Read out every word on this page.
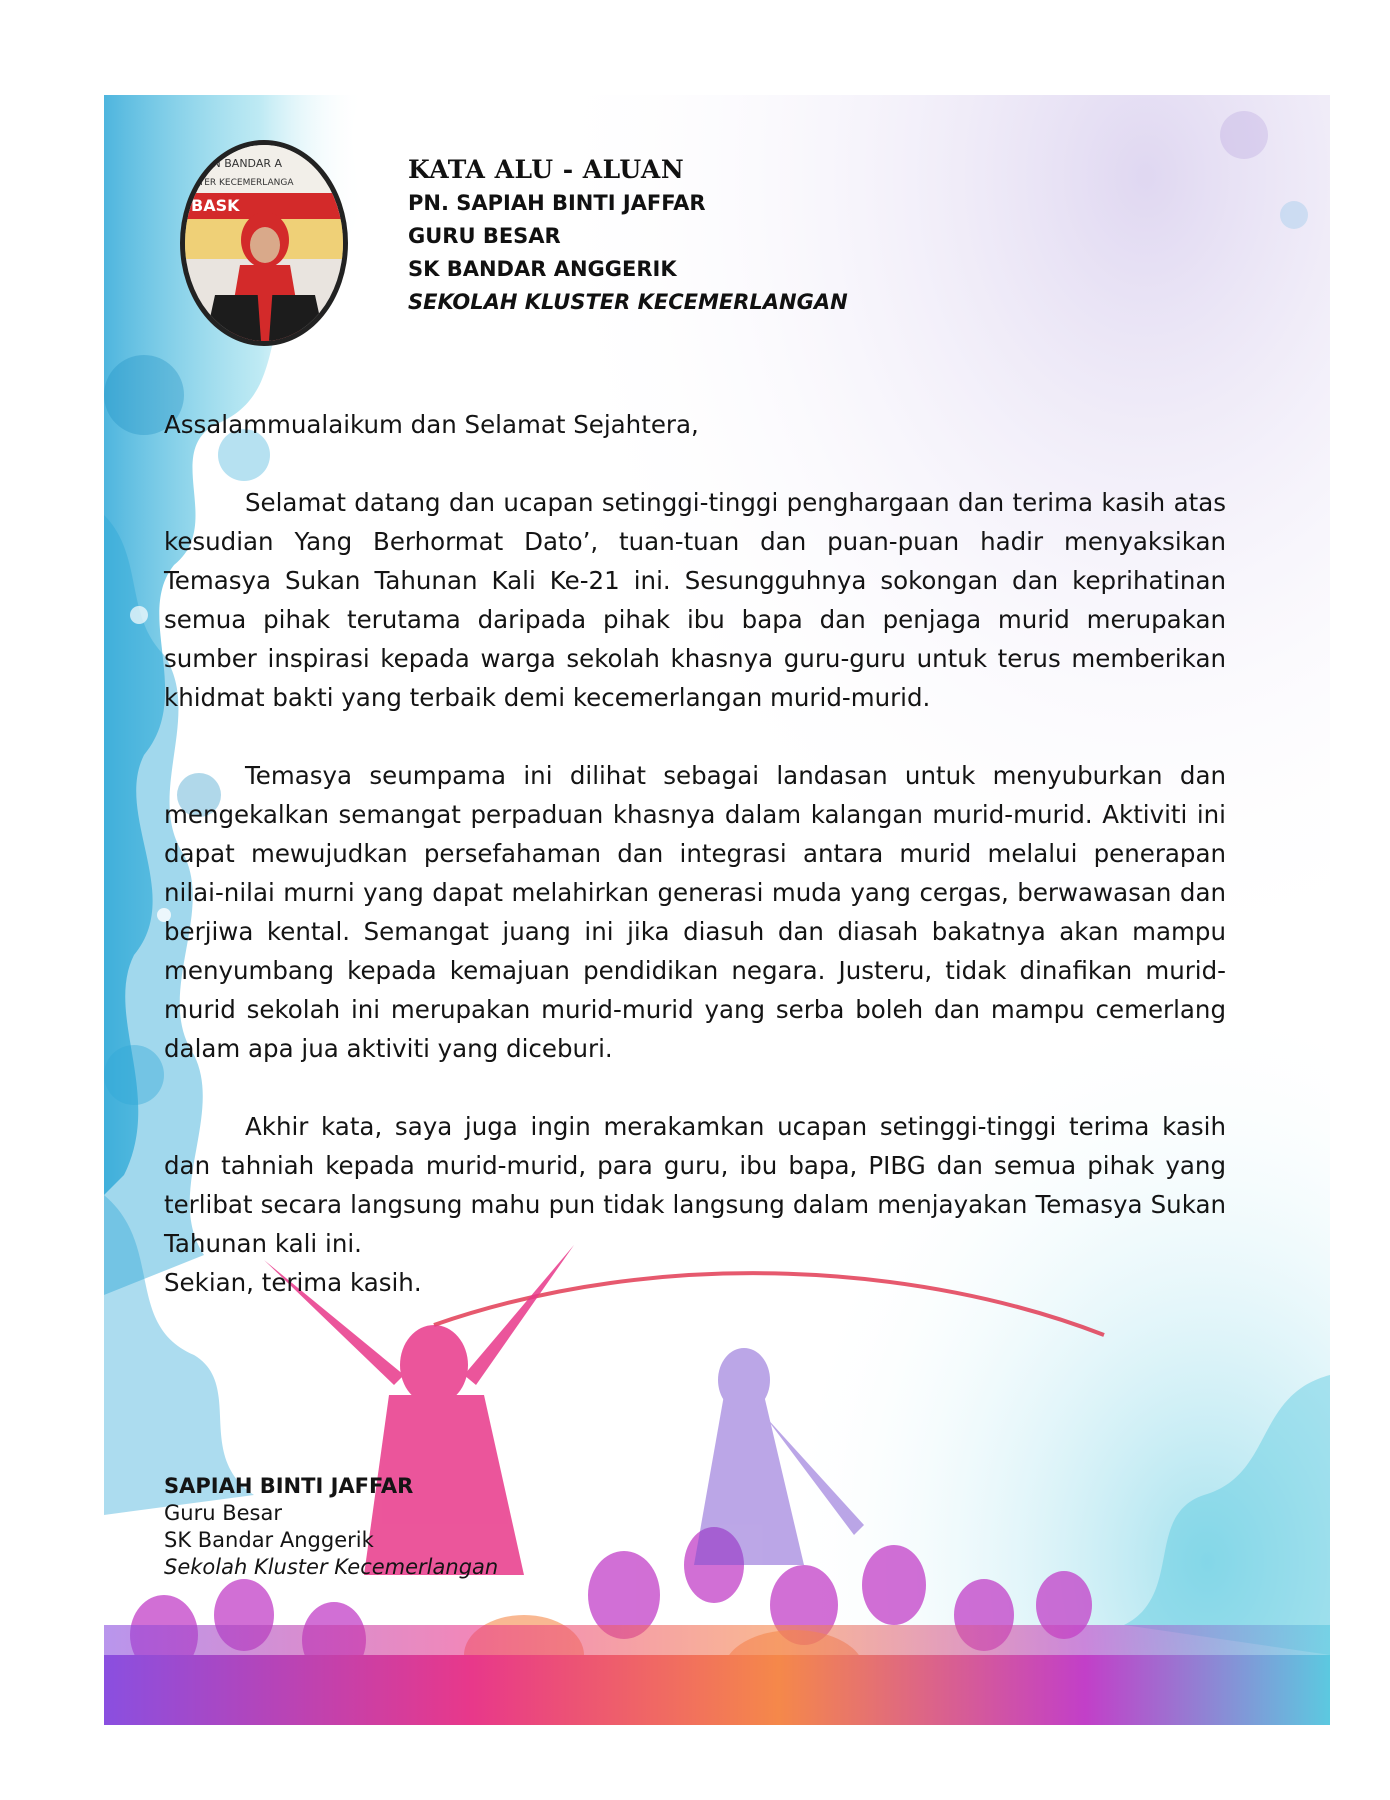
AN BANDAR A
STER KECEMERLANGA
BASK
KATA ALU - ALUAN
PN. SAPIAH BINTI JAFFAR
GURU BESAR
SK BANDAR ANGGERIK
SEKOLAH KLUSTER KECEMERLANGAN

Assalammualaikum dan Selamat Sejahtera,

Selamat datang dan ucapan setinggi-tinggi penghargaan dan terima kasih atas kesudian Yang Berhormat Dato’, tuan-tuan dan puan-puan hadir menyaksikan Temasya Sukan Tahunan Kali Ke-21 ini. Sesungguhnya sokongan dan keprihatinan semua pihak terutama daripada pihak ibu bapa dan penjaga murid merupakan sumber inspirasi kepada warga sekolah khasnya guru-guru untuk terus memberikan khidmat bakti yang terbaik demi kecemerlangan murid-murid.

Temasya seumpama ini dilihat sebagai landasan untuk menyuburkan dan mengekalkan semangat perpaduan khasnya dalam kalangan murid-murid. Aktiviti ini dapat mewujudkan persefahaman dan integrasi antara murid melalui penerapan nilai-nilai murni yang dapat melahirkan generasi muda yang cergas, berwawasan dan berjiwa kental. Semangat juang ini jika diasuh dan diasah bakatnya akan mampu menyumbang kepada kemajuan pendidikan negara. Justeru, tidak dinafikan murid-murid sekolah ini merupakan murid-murid yang serba boleh dan mampu cemerlang dalam apa jua aktiviti yang diceburi.

Akhir kata, saya juga ingin merakamkan ucapan setinggi-tinggi terima kasih dan tahniah kepada murid-murid, para guru, ibu bapa, PIBG dan semua pihak yang terlibat secara langsung mahu pun tidak langsung dalam menjayakan Temasya Sukan Tahunan kali ini.

Sekian, terima kasih.

SAPIAH BINTI JAFFAR
Guru Besar
SK Bandar Anggerik
Sekolah Kluster Kecemerlangan
